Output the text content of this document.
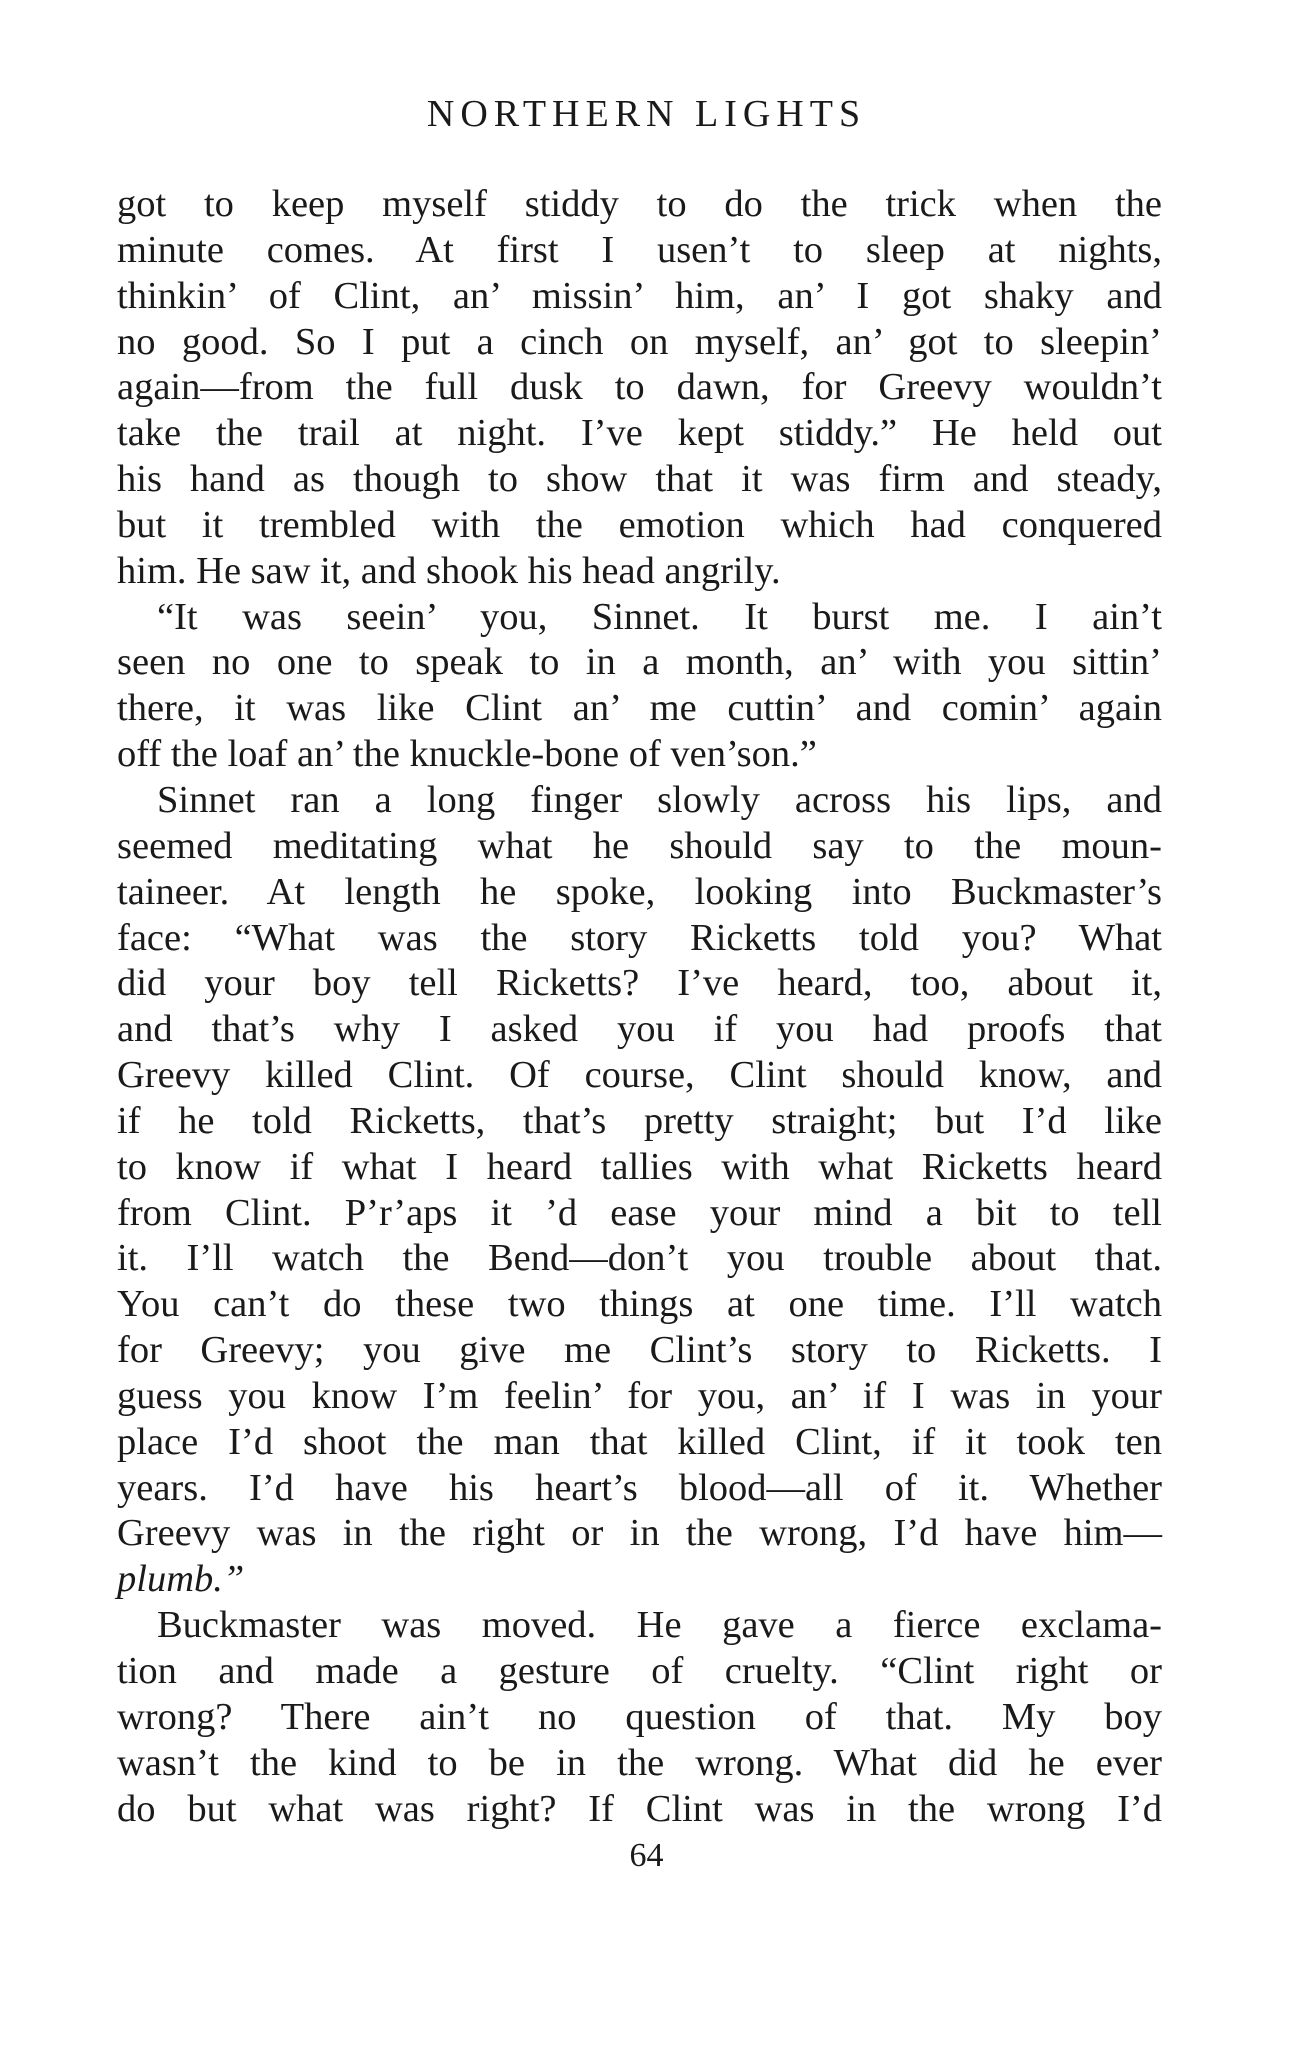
NORTHERN LIGHTS
got to keep myself stiddy to do the trick when the
minute comes. At first I usen’t to sleep at nights,
thinkin’ of Clint, an’ missin’ him, an’ I got shaky and
no good. So I put a cinch on myself, an’ got to sleepin’
again—from the full dusk to dawn, for Greevy wouldn’t
take the trail at night. I’ve kept stiddy.” He held out
his hand as though to show that it was firm and steady,
but it trembled with the emotion which had conquered
him. He saw it, and shook his head angrily.
“It was seein’ you, Sinnet. It burst me. I ain’t
seen no one to speak to in a month, an’ with you sittin’
there, it was like Clint an’ me cuttin’ and comin’ again
off the loaf an’ the knuckle-bone of ven’son.”
Sinnet ran a long finger slowly across his lips, and
seemed meditating what he should say to the moun-
taineer. At length he spoke, looking into Buckmaster’s
face: “What was the story Ricketts told you? What
did your boy tell Ricketts? I’ve heard, too, about it,
and that’s why I asked you if you had proofs that
Greevy killed Clint. Of course, Clint should know, and
if he told Ricketts, that’s pretty straight; but I’d like
to know if what I heard tallies with what Ricketts heard
from Clint. P’r’aps it ’d ease your mind a bit to tell
it. I’ll watch the Bend—don’t you trouble about that.
You can’t do these two things at one time. I’ll watch
for Greevy; you give me Clint’s story to Ricketts. I
guess you know I’m feelin’ for you, an’ if I was in your
place I’d shoot the man that killed Clint, if it took ten
years. I’d have his heart’s blood—all of it. Whether
Greevy was in the right or in the wrong, I’d have him—
plumb.”
Buckmaster was moved. He gave a fierce exclama-
tion and made a gesture of cruelty. “Clint right or
wrong? There ain’t no question of that. My boy
wasn’t the kind to be in the wrong. What did he ever
do but what was right? If Clint was in the wrong I’d
64
